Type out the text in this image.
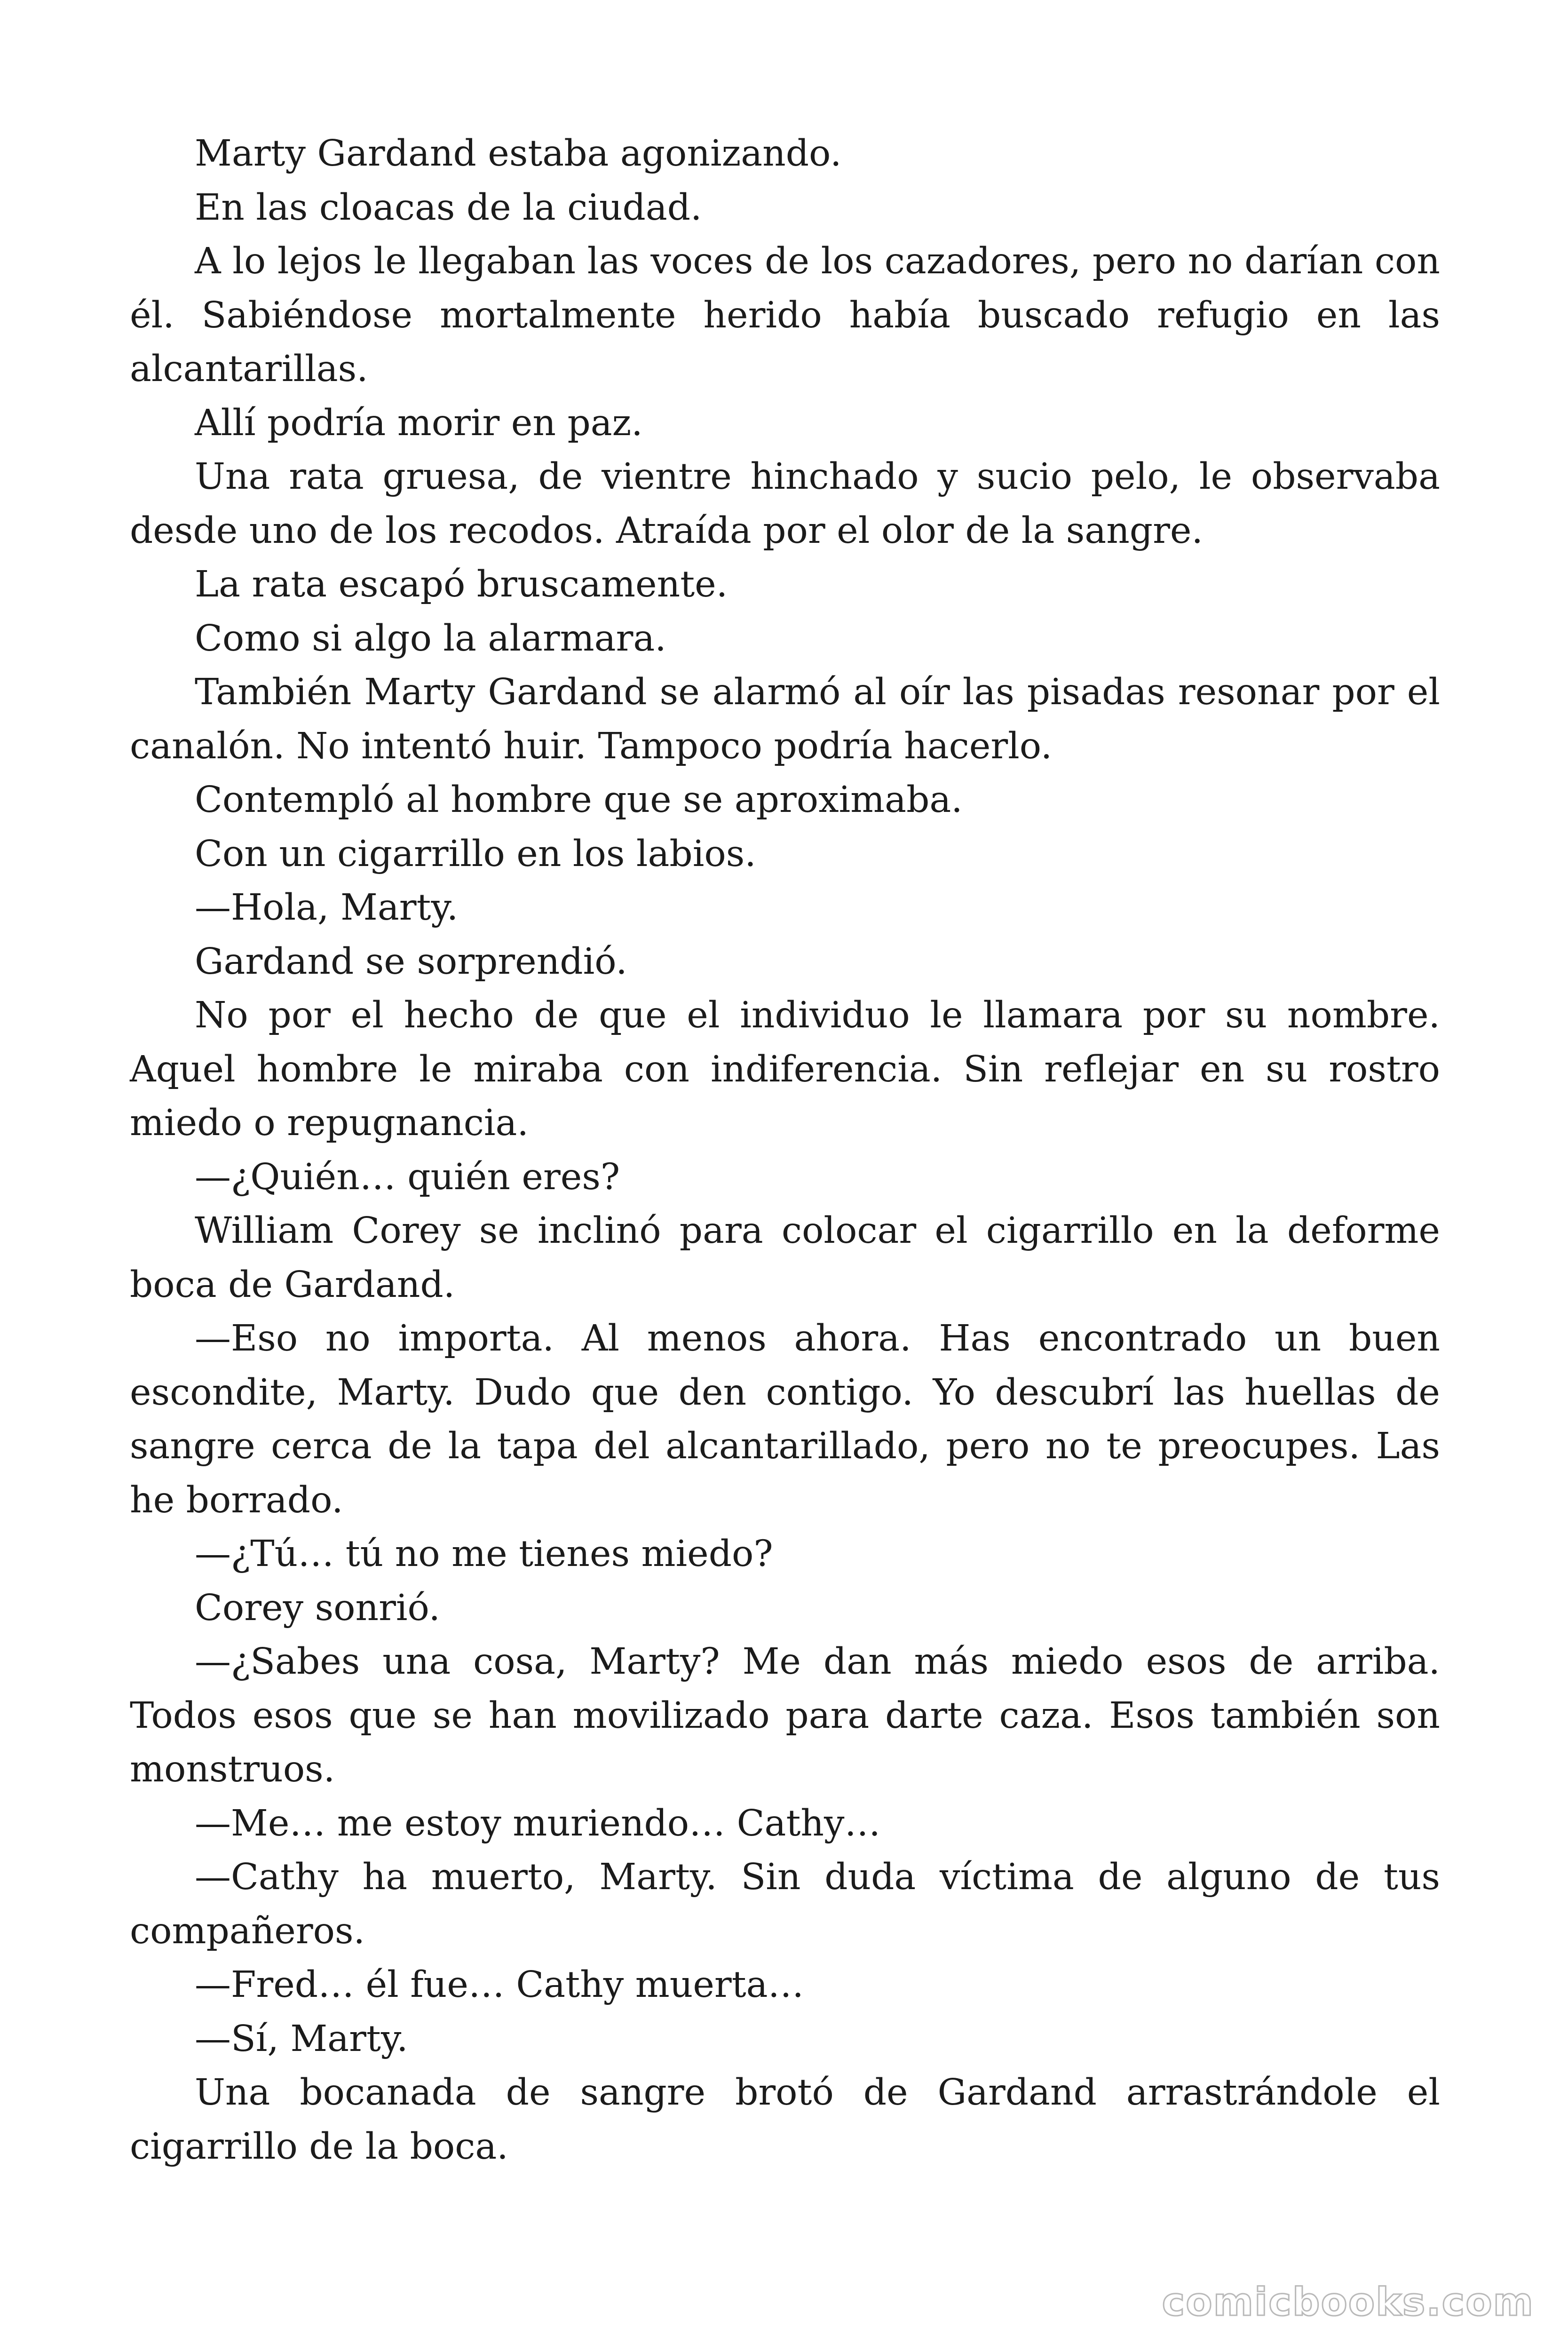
Marty Gardand estaba agonizando.

En las cloacas de la ciudad.

A lo lejos le llegaban las voces de los cazadores, pero no darían con él. Sabiéndose mortalmente herido había buscado refugio en las alcantarillas.

Allí podría morir en paz.

Una rata gruesa, de vientre hinchado y sucio pelo, le observaba desde uno de los recodos. Atraída por el olor de la sangre.

La rata escapó bruscamente.

Como si algo la alarmara.

También Marty Gardand se alarmó al oír las pisadas resonar por el canalón. No intentó huir. Tampoco podría hacerlo.

Contempló al hombre que se aproximaba.

Con un cigarrillo en los labios.

—Hola, Marty.

Gardand se sorprendió.

No por el hecho de que el individuo le llamara por su nombre. Aquel hombre le miraba con indiferencia. Sin reflejar en su rostro miedo o repugnancia.

—¿Quién… quién eres?

William Corey se inclinó para colocar el cigarrillo en la deforme boca de Gardand.

—Eso no importa. Al menos ahora. Has encontrado un buen escondite, Marty. Dudo que den contigo. Yo descubrí las huellas de sangre cerca de la tapa del alcantarillado, pero no te preocupes. Las he borrado.

—¿Tú… tú no me tienes miedo?

Corey sonrió.

—¿Sabes una cosa, Marty? Me dan más miedo esos de arriba. Todos esos que se han movilizado para darte caza. Esos también son monstruos.

—Me… me estoy muriendo… Cathy…

—Cathy ha muerto, Marty. Sin duda víctima de alguno de tus compañeros.

—Fred… él fue… Cathy muerta…

—Sí, Marty.

Una bocanada de sangre brotó de Gardand arrastrándole el cigarrillo de la boca.

comicbooks.com
